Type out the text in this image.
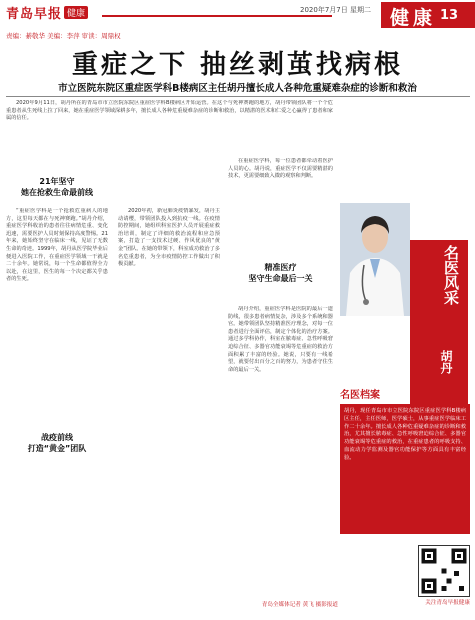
青岛早报 健康	2020年7月7日 星期二 健康 13
责编：綦敬华 美编：李萍 审读：周鼎权
重症之下 抽丝剥茧找病根
市立医院东院区重症医学科B楼病区主任胡丹擅长成人各种危重疑难杂症的诊断和救治

2020年9月11日，胡丹所在的青岛市市立医院东院区重症医学科B楼病区开始运营。在这个与死神赛跑的地方，胡丹带领团队将一个个危重患者从生死线上拉了回来，她在重症医学领域深耕多年，擅长成人各种危重疑难杂症的诊断和救治，以精湛的医术和仁爱之心赢得了患者和家属的信任。

21年坚守
她在抢救生命最前线
战疫前线
打造“黄金”团队
精准医疗
坚守生命最后一关

“重症医学科是一个抢救危重病人的地方，这里每天都在与死神赛跑。”胡丹介绍，重症医学科收治的患者往往病情危重、变化迅速，需要医护人员时刻保持高度警惕。21年来，她始终坚守在临床一线，见证了无数生命的奇迹。1999年，胡丹从医学院毕业后便进入医院工作，在重症医学领域一干就是二十余年。她常说，每一个生命都值得全力以赴，在这里，医生的每一个决定都关乎患者的生死。

2020年初，新冠肺炎疫情暴发，胡丹主动请缨，带领团队投入到抗疫一线。在疫情防控期间，她组织科室医护人员开展重症救治培训，制定了详细的救治流程和应急预案，打造了一支技术过硬、作风优良的“黄金”团队。在她的带领下，科室成功救治了多名危重患者，为全市疫情防控工作做出了积极贡献。

在重症医学科，每一位患者都牵动着医护人员的心。胡丹说，重症医学不仅需要精湛的技术，更需要细致入微的观察和判断。

胡丹介绍，重症医学科是医院的最后一道防线，很多患者病情复杂，涉及多个系统和器官。她带领团队坚持精准医疗理念，对每一位患者进行全面评估，制定个体化的治疗方案。通过多学科协作，科室在脓毒症、急性呼吸窘迫综合征、多器官功能衰竭等危重症的救治方面积累了丰富的经验。她说，只要有一线希望，就要付出百分之百的努力，为患者守住生命的最后一关。

名医风采
胡丹
名医档案
胡丹，现任青岛市市立医院东院区重症医学科B楼病区主任，主任医师，医学硕士，从事重症医学临床工作二十余年。擅长成人各种危重疑难杂症的诊断和救治，尤其擅长脓毒症、急性呼吸窘迫综合征、多器官功能衰竭等危重症的救治，在重症患者的呼吸支持、血流动力学监测及器官功能保护等方面具有丰富经验。
关注青岛早报健康
青岛全媒体记者 黄飞 摄影报道
